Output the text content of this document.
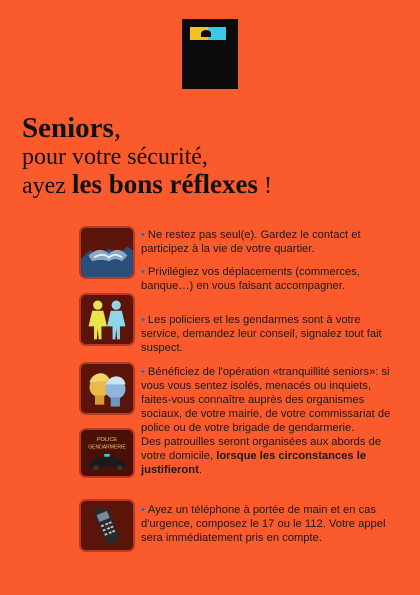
Seniors,
pour votre sécurité,
ayez les bons réflexes !

• Ne restez pas seul(e). Gardez le contact et participez à la vie de votre quartier.

• Privilégiez vos déplacements (commerces, banque…) en vous faisant accompagner.

• Les policiers et les gendarmes sont à votre service, demandez leur conseil, signalez tout fait suspect.

POLICE
GENDARMERIE

• Bénéficiez de l'opération «tranquillité seniors»: si vous vous sentez isolés, menacés ou inquiets, faites-vous connaître auprès des organismes sociaux, de votre mairie, de votre commissariat de police ou de votre brigade de gendarmerie.
Des patrouilles seront organisées aux abords de votre domicile, lorsque les circonstances le justifieront.

• Ayez un téléphone à portée de main et en cas d'urgence, composez le 17 ou le 112. Votre appel sera immédiatement pris en compte.
